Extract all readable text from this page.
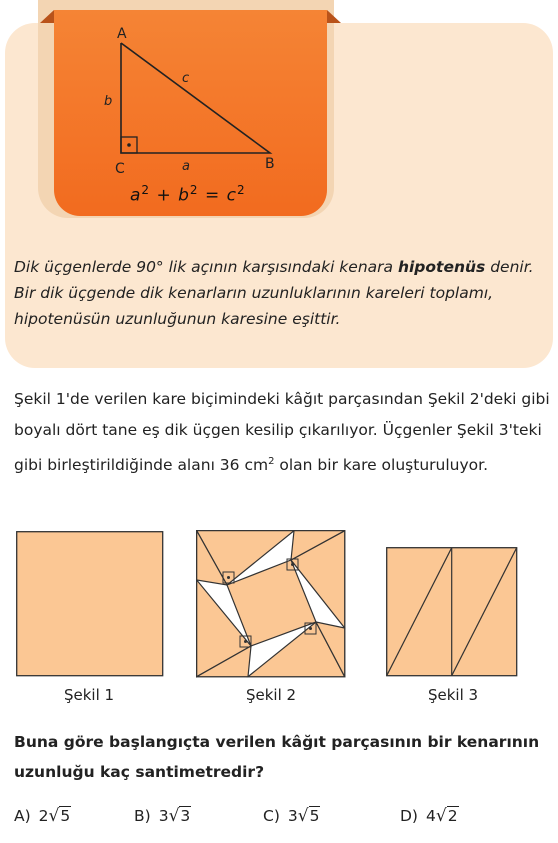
A
B
C	a
b
c
$a^2 + b^2 = c^2$
Dik üçgenlerde 90° lik açının karşısındaki kenara hipotenüs denir. Bir dik üçgende dik kenarların uzunluklarının kareleri toplamı, hipotenüsün uzunluğunun karesine eşittir.
Şekil 1'de verilen kare biçimindeki kâğıt parçasından Şekil 2'deki gibi boyalı dört tane eş dik üçgen kesilip çıkarılıyor. Üçgenler Şekil 3'teki gibi birleştirildiğinde alanı 36 $cm^2$ olan bir kare oluşturuluyor.
Şekil 1	Şekil 2	Şekil 3
Buna göre başlangıçta verilen kâğıt parçasının bir kenarının uzunluğu kaç santimetredir?
A) 2 √ 5	B) 3 √ 3	C) 3 √ 5	D) 4 √ 2
